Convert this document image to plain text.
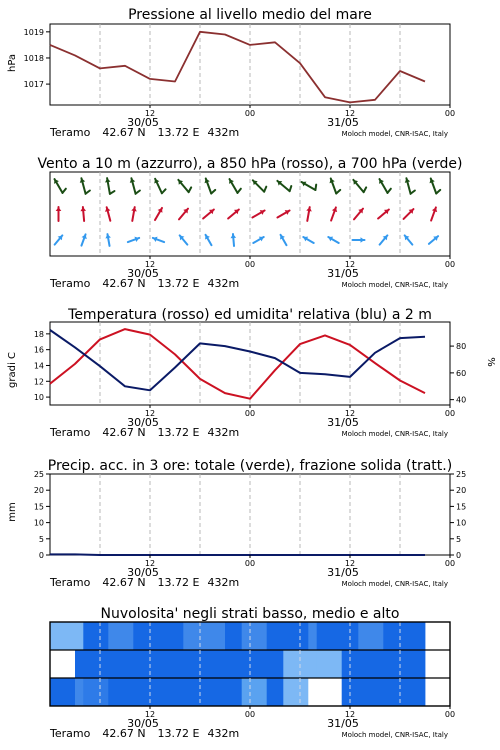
Pressione al livello medio del mare
Vento a 10 m (azzurro), a 850 hPa (rosso), a 700 hPa (verde)
Temperatura (rosso) ed umidita' relativa (blu) a 2 m
Precip. acc. in 3 ore: totale (verde), frazione solida (tratt.)
Nuvolosita' negli strati basso, medio e alto
hPa
gradi C	%
mm
1017
1018
1019
10
12
14
16
18
40
60
80
0
5
10
15
20
25
0
5
10
15
20
25
12	00	12	00
30/05	31/05
Teramo 42.67 N 13.72 E 432m	Moloch model, CNR-ISAC, Italy
12	00	12	00
30/05	31/05
Teramo 42.67 N 13.72 E 432m	Moloch model, CNR-ISAC, Italy
12	00	12	00
30/05	31/05
Teramo 42.67 N 13.72 E 432m	Moloch model, CNR-ISAC, Italy
12	00	12	00
30/05	31/05
Teramo 42.67 N 13.72 E 432m	Moloch model, CNR-ISAC, Italy
12	00	12	00
30/05	31/05
Teramo 42.67 N 13.72 E 432m	Moloch model, CNR-ISAC, Italy
